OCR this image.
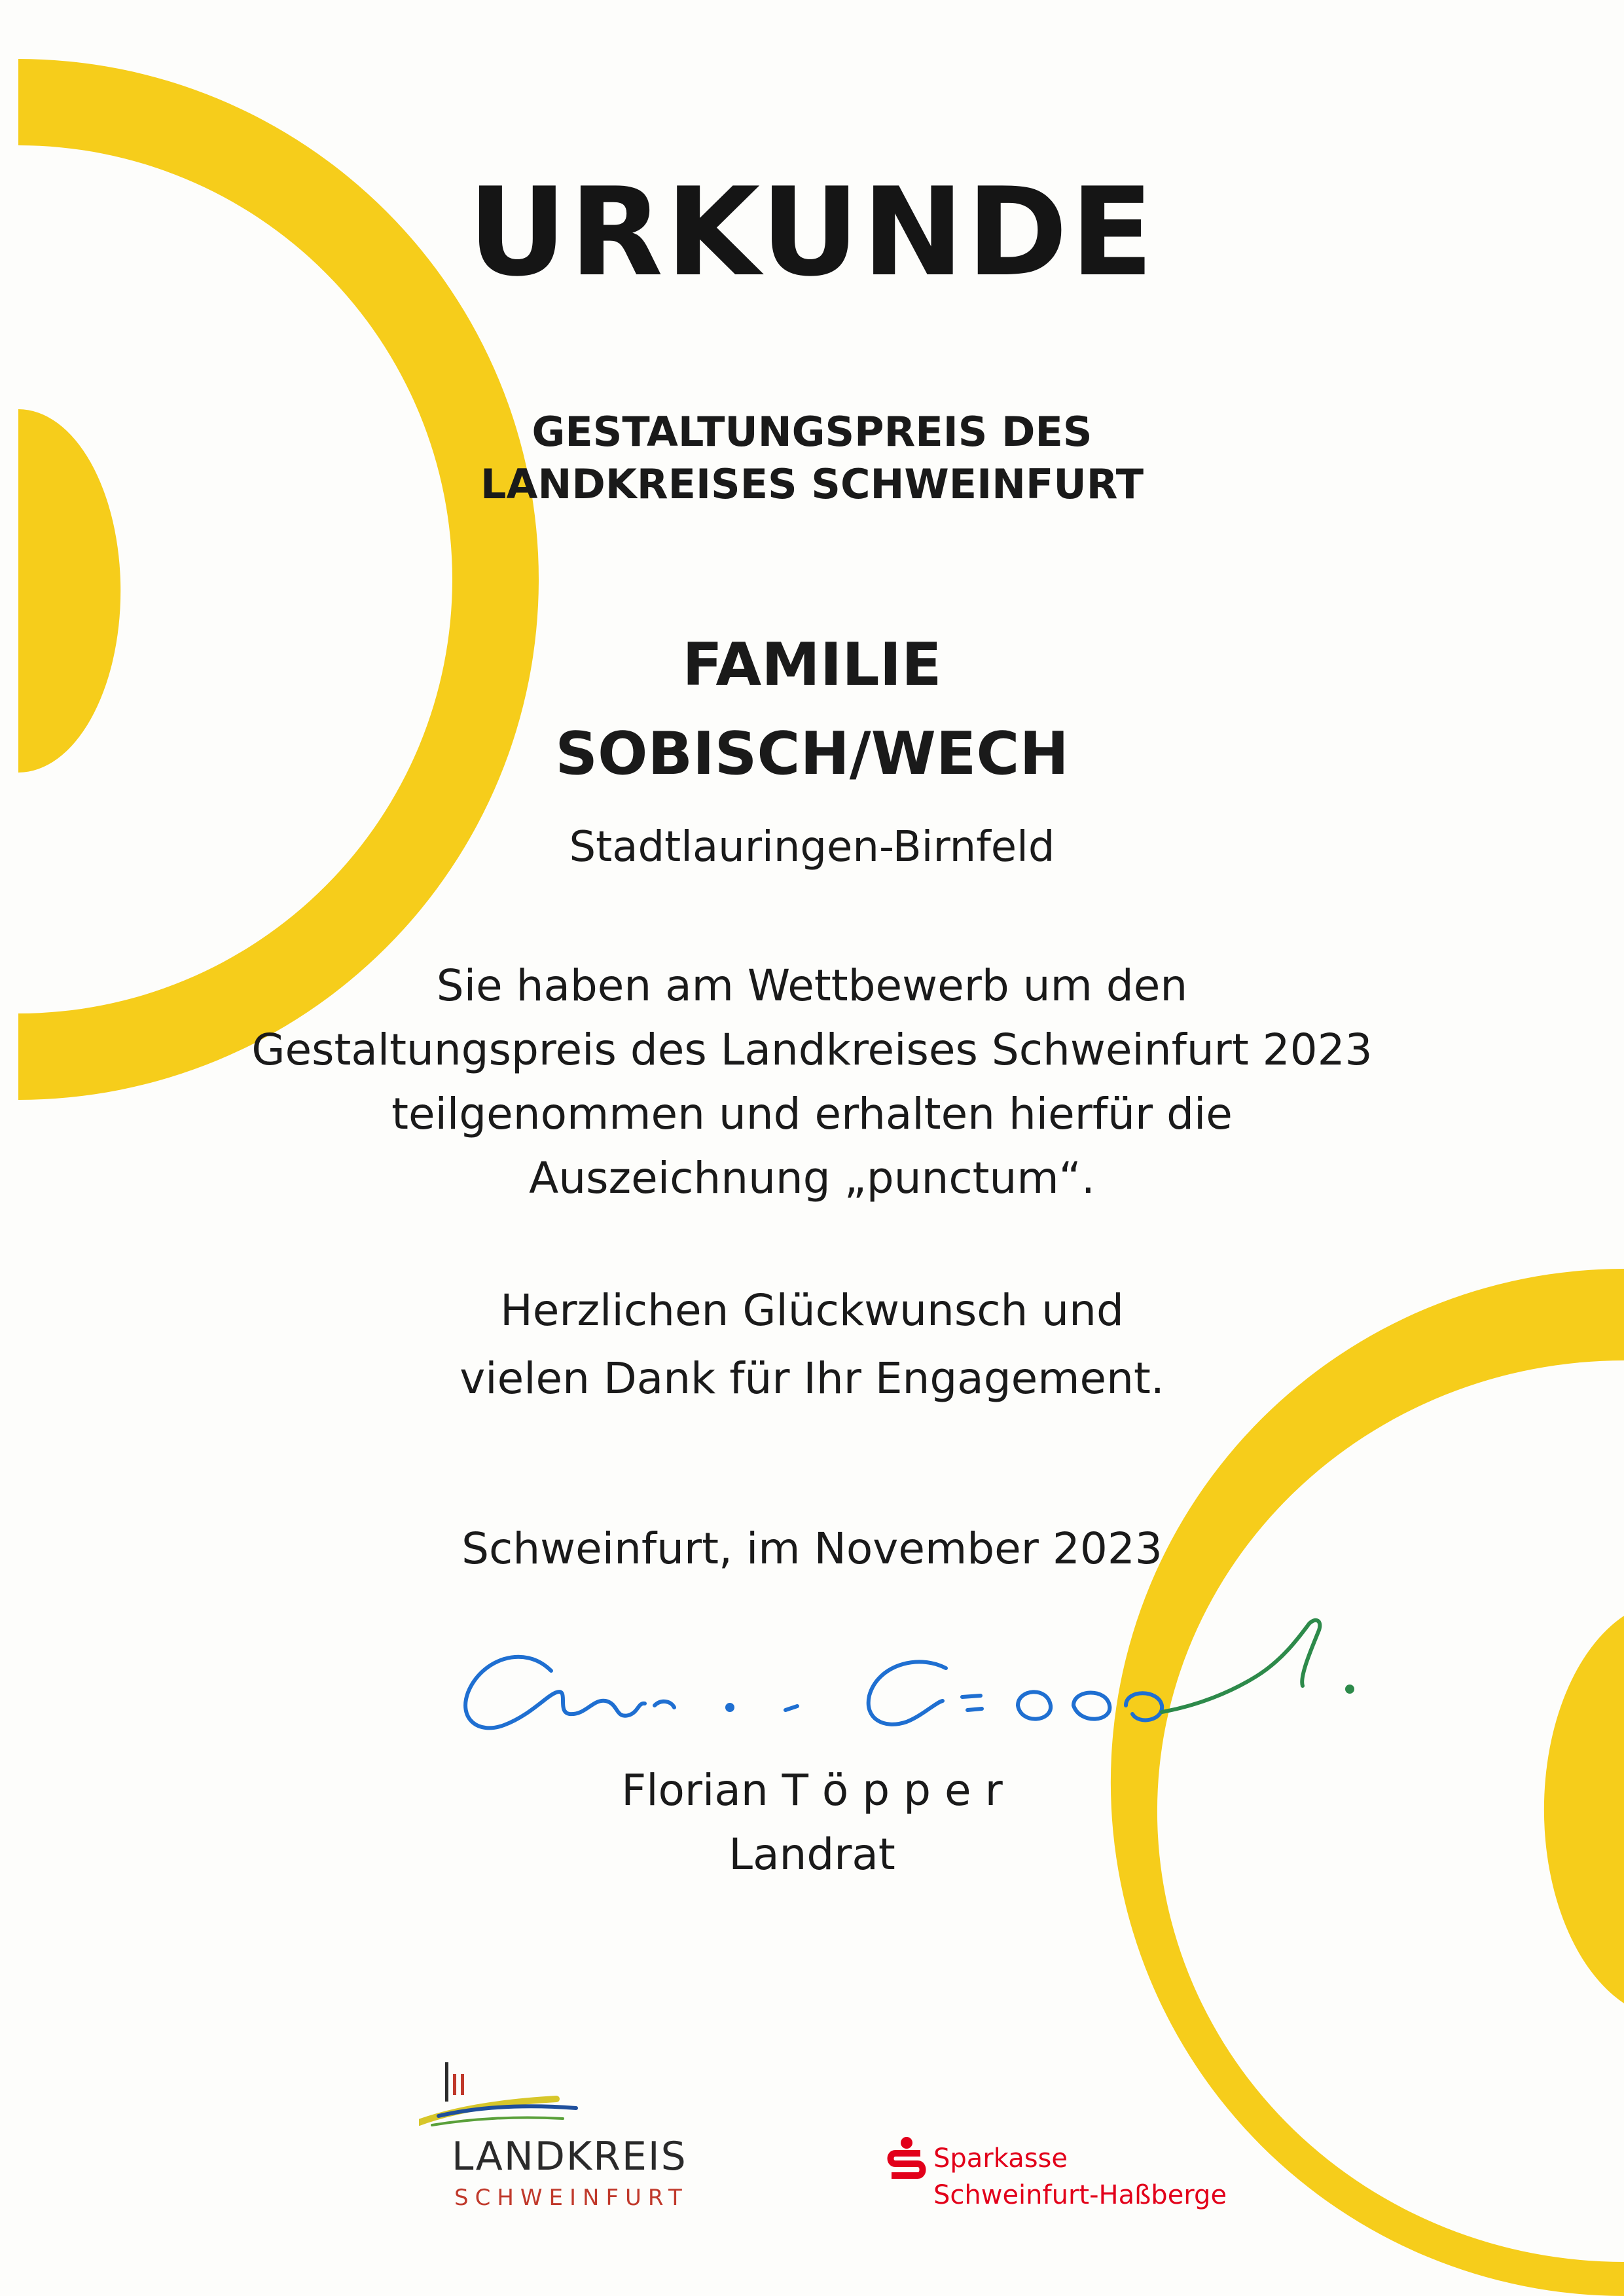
URKUNDE
GESTALTUNGSPREIS DES
LANDKREISES SCHWEINFURT
FAMILIE
SOBISCH/WECH
Stadtlauringen-Birnfeld
Sie haben am Wettbewerb um den
Gestaltungspreis des Landkreises Schweinfurt 2023
teilgenommen und erhalten hierfür die
Auszeichnung „punctum“.
Herzlichen Glückwunsch und
vielen Dank für Ihr Engagement.
Schweinfurt, im November 2023
Florian T ö p p e r
Landrat
LANDKREIS
SCHWEINFURT
Sparkasse
Schweinfurt-Haßberge
